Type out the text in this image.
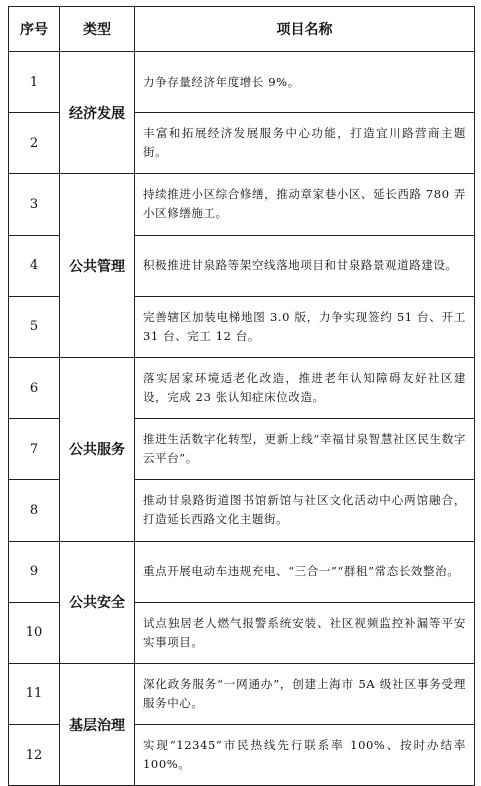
序号	类型	项目名称
1	经济发展	力争存量经济年度增长 9%。
2		丰富和拓展经济发展服务中心功能，打造宜川路营商主题街。
3	公共管理	持续推进小区综合修缮，推动章家巷小区、延长西路 780 弄小区修缮施工。
4		积极推进甘泉路等架空线落地项目和甘泉路景观道路建设。
5		完善辖区加装电梯地图 3.0 版，力争实现签约 51 台、开工 31 台、完工 12 台。
6	公共服务	落实居家环境适老化改造，推进老年认知障碍友好社区建设，完成 23 张认知症床位改造。
7		推进生活数字化转型，更新上线“幸福甘泉智慧社区民生数字云平台”。
8		推动甘泉路街道图书馆新馆与社区文化活动中心两馆融合，打造延长西路文化主题街。
9	公共安全	重点开展电动车违规充电、“三合一”“群租”常态长效整治。
10		试点独居老人燃气报警系统安装、社区视频监控补漏等平安实事项目。
11	基层治理	深化政务服务“一网通办”，创建上海市 5A 级社区事务受理服务中心。
12		实现“12345”市民热线先行联系率 100%、按时办结率 100%。
